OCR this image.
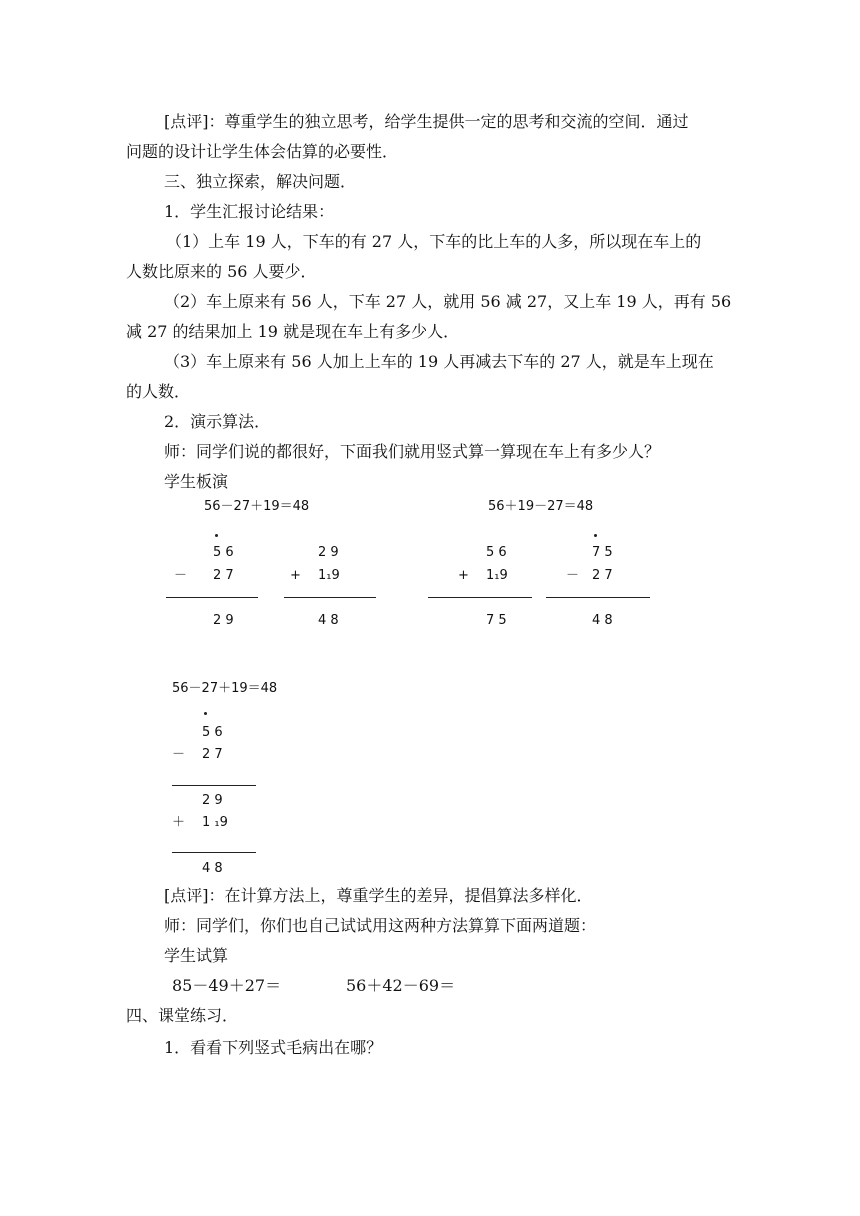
[点评]：尊重学生的独立思考，给学生提供一定的思考和交流的空间．通过
问题的设计让学生体会估算的必要性．
三、独立探索，解决问题．
1．学生汇报讨论结果：
（1）上车 19 人，下车的有 27 人，下车的比上车的人多，所以现在车上的
人数比原来的 56 人要少．
（2）车上原来有 56 人，下车 27 人，就用 56 减 27，又上车 19 人，再有 56
减 27 的结果加上 19 就是现在车上有多少人．
（3）车上原来有 56 人加上上车的 19 人再减去下车的 27 人，就是车上现在
的人数．
2．演示算法．
师：同学们说的都很好，下面我们就用竖式算一算现在车上有多少人？
学生板演
56－27＋19＝48
5 6
－ 2 7
2 9
2 9
+ 1₁9
4 8
56＋19－27＝48
5 6
+ 1₁9
7 5
7 5
－ 2 7
4 8
56－27＋19＝48
5 6
－ 2 7
2 9
＋ 1 ₁9
4 8
[点评]：在计算方法上，尊重学生的差异，提倡算法多样化．
师：同学们，你们也自己试试用这两种方法算算下面两道题：
学生试算
85－49＋27＝	56＋42－69＝
四、课堂练习．
1．看看下列竖式毛病出在哪？
